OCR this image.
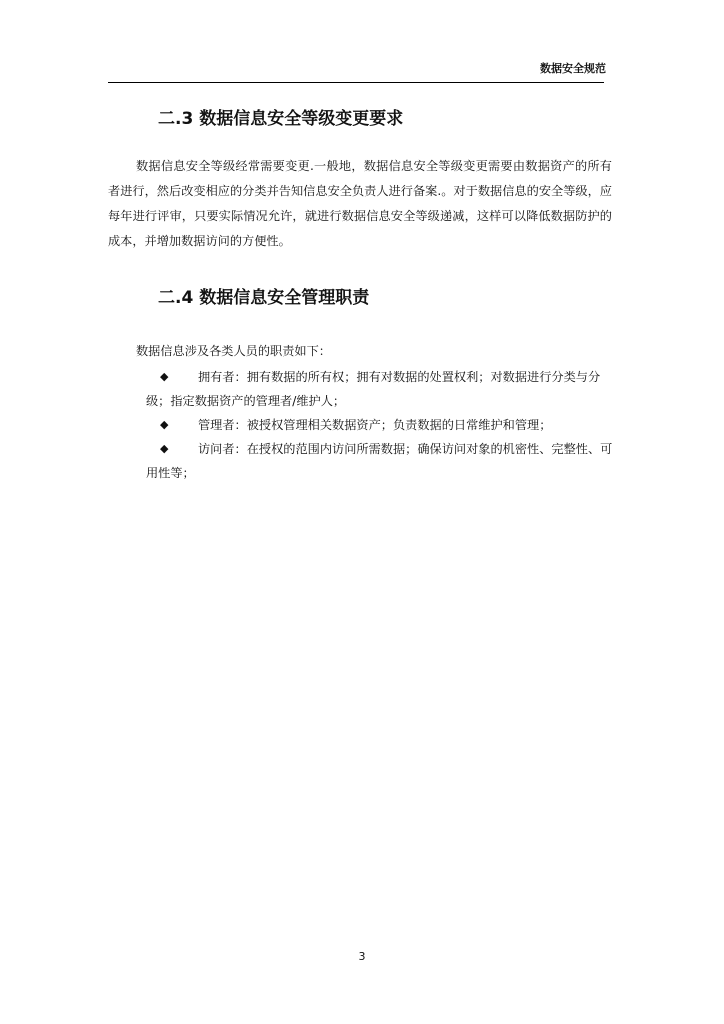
数据安全规范
二.3 数据信息安全等级变更要求

数据信息安全等级经常需要变更.一般地，数据信息安全等级变更需要由数据资产的所有者进行，然后改变相应的分类并告知信息安全负责人进行备案.。对于数据信息的安全等级，应每年进行评审，只要实际情况允许，就进行数据信息安全等级递减，这样可以降低数据防护的成本，并增加数据访问的方便性。

二.4 数据信息安全管理职责
数据信息涉及各类人员的职责如下：
◆	拥有者：拥有数据的所有权；拥有对数据的处置权利；对数据进行分类与分级；指定数据资产的管理者/维护人；
◆ 管理者：被授权管理相关数据资产；负责数据的日常维护和管理；
◆	访问者：在授权的范围内访问所需数据；确保访问对象的机密性、完整性、可用性等；
3
